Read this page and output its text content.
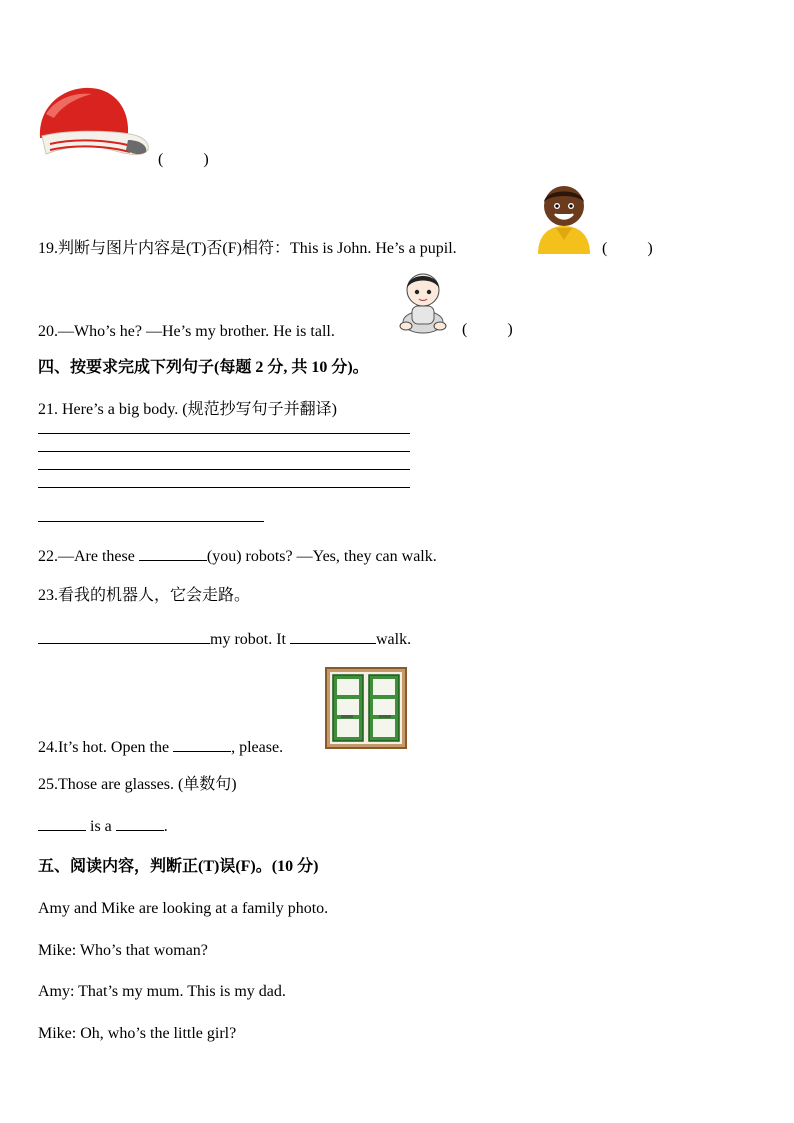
(          )
19.判断与图片内容是(T)否(F)相符：This is John. He’s a pupil.	(          )
20.—Who’s he? —He’s my brother. He is tall.	(          )
四、按要求完成下列句子(每题 2 分, 共 10 分)。
21. Here’s a big body. (规范抄写句子并翻译)
22.—Are these	(you) robots? —Yes, they can walk.
23.看我的机器人，它会走路。
my robot. It	walk.
24.It’s hot. Open the	, please.
25.Those are glasses. (单数句)
is a	.
五、阅读内容，判断正(T)误(F)。(10 分)
Amy and Mike are looking at a family photo.
Mike: Who’s that woman?
Amy: That’s my mum. This is my dad.
Mike: Oh, who’s the little girl?
